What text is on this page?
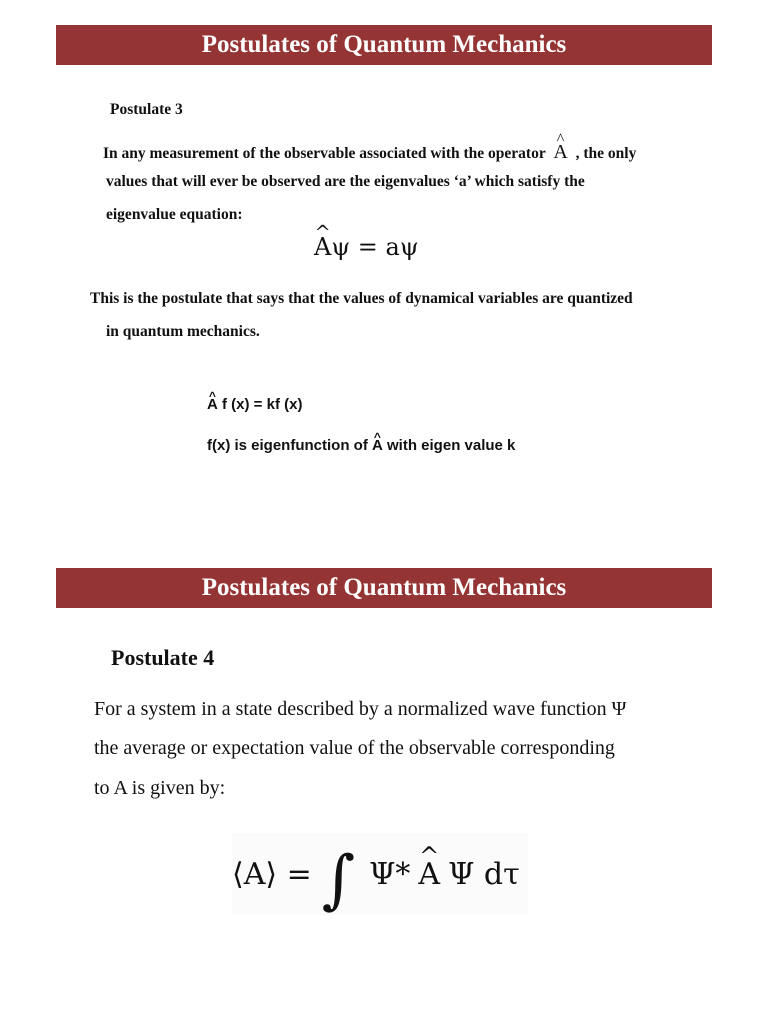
Postulates of Quantum Mechanics
Postulate 3
In any measurement of the observable associated with the operator ^ A , the only
values that will ever be observed are the eigenvalues ‘a’ which satisfy the
eigenvalue equation:
^ Aψ = aψ
This is the postulate that says that the values of dynamical variables are quantized
in quantum mechanics.
^ A f (x) = kf (x)
f(x) is eigenfunction of ^ A with eigen value k
Postulates of Quantum Mechanics
Postulate 4
For a system in a state described by a normalized wave function Ψ
the average or expectation value of the observable corresponding
to A is given by:
⟨A⟩ = ∫ Ψ* ^ A Ψ dτ
